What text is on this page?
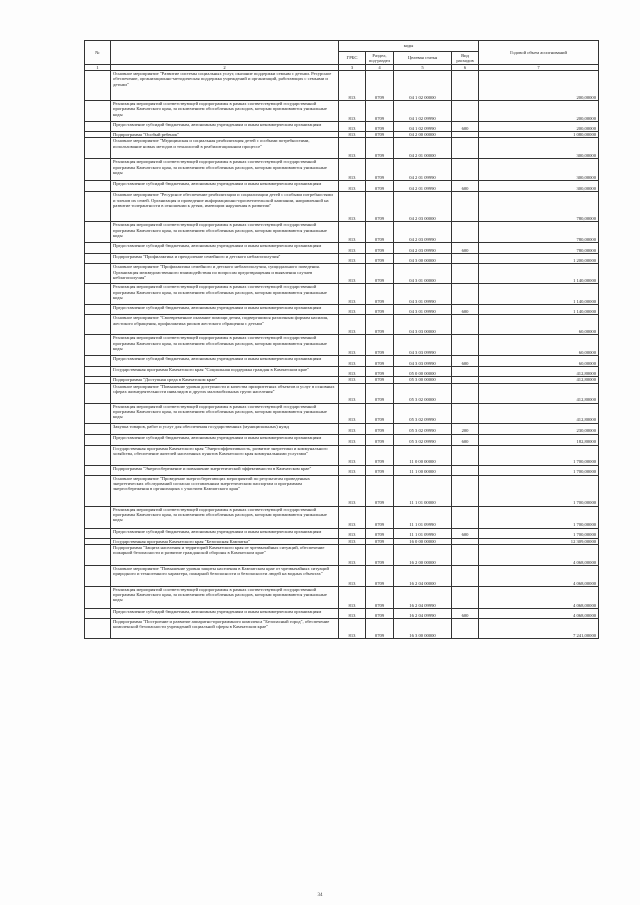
№		коды				Годовой объем ассигнований
		ГРБС	Раздел, под-раздел	Целевая статья	Вид расходов	
1	2	3	4	5	6	7
	Основное мероприятие "Развитие системы социальных услуг, оказание поддержки семьям с детьми. Ресурсное обеспечение, организационно-методическая поддержка учреждений и организаций, работающих с семьями и детьми"	813	0709	04 1 02 00000		200,00000
	Реализация мероприятий соответствующей подпрограммы в рамках соответствующей государственной программы Камчатского края, за исключением обособленных расходов, которым присваиваются уникальные коды	813	0709	04 1 02 09990		200,00000
	Предоставление субсидий бюджетным, автономным учреждениям и иным некоммерческим организациям	813	0709	04 1 02 09990	600	200,00000
	Подпрограмма "Особый ребенок"	813	0709	04 2 00 00000		1 080,00000
	Основное мероприятие "Медицинская и социальная реабилитация детей с особыми потребностями, использование новых методов и технологий в реабилитационном процессе"	813	0709	04 2 01 00000		300,00000
	Реализация мероприятий соответствующей подпрограммы в рамках соответствующей государственной программы Камчатского края, за исключением обособленных расходов, которым присваиваются уникальные коды	813	0709	04 2 01 09990		300,00000
	Предоставление субсидий бюджетным, автономным учреждениям и иным некоммерческим организациям	813	0709	04 2 01 09990	600	300,00000
	Основное мероприятие "Ресурсное обеспечение реабилитации и социализации детей с особыми потребностями и членов их семей. Организация и проведение информационно-просветительской кампании, направленной на развитие толерантности в отношении к детям, имеющим нарушения в развитии"	813	0709	04 2 03 00000		780,00000
	Реализация мероприятий соответствующей подпрограммы в рамках соответствующей государственной программы Камчатского края, за исключением обособленных расходов, которым присваиваются уникальные коды	813	0709	04 2 03 09990		780,00000
	Предоставление субсидий бюджетным, автономным учреждениям и иным некоммерческим организациям	813	0709	04 2 03 09990	600	780,00000
	Подпрограмма "Профилактика и преодоление семейного и детского неблагополучия"	813	0709	04 3 00 00000		1 200,00000
	Основное мероприятие "Профилактика семейного и детского неблагополучия, суицидального поведения. Организация межведомственного взаимодействия по вопросам предотвращения и выявления случаев неблагополучия"	813	0709	04 3 01 00000		1 140,00000
	Реализация мероприятий соответствующей подпрограммы в рамках соответствующей государственной программы Камчатского края, за исключением обособленных расходов, которым присваиваются уникальные коды	813	0709	04 3 01 09990		1 140,00000
	Предоставление субсидий бюджетным, автономным учреждениям и иным некоммерческим организациям	813	0709	04 3 01 09990	600	1 140,00000
	Основное мероприятие "Своевременное оказание помощи детям, подвергшимся различным формам насилия, жестокого обращения, профилактика рисков жестокого обращения с детьми"	813	0709	04 3 03 00000		60,00000
	Реализация мероприятий соответствующей подпрограммы в рамках соответствующей государственной программы Камчатского края, за исключением обособленных расходов, которым присваиваются уникальные коды	813	0709	04 3 03 09990		60,00000
	Предоставление субсидий бюджетным, автономным учреждениям и иным некоммерческим организациям	813	0709	04 3 03 09990	600	60,00000
	Государственная программа Камчатского края "Социальная поддержка граждан в Камчатском крае"	813	0709	05 0 00 00000		412,80000
	Подпрограмма "Доступная среда в Камчатском крае"	813	0709	05 3 00 00000		412,80000
	Основное мероприятие "Повышение уровня доступности и качества приоритетных объектов и услуг в основных сферах жизнедеятельности инвалидов и других маломобильных групп населения"	813	0709	05 3 02 00000		412,80000
	Реализация мероприятий соответствующей подпрограммы в рамках соответствующей государственной программы Камчатского края, за исключением обособленных расходов, которым присваиваются уникальные коды	813	0709	05 3 02 09990		412,80000
	Закупка товаров, работ и услуг для обеспечения государственных (муниципальных) нужд	813	0709	05 3 02 09990	200	230,00000
	Предоставление субсидий бюджетным, автономным учреждениям и иным некоммерческим организациям	813	0709	05 3 02 09990	600	182,80000
	Государственная программа Камчатского края "Энергоэффективность, развитие энергетики и коммунального хозяйства, обеспечение жителей населенных пунктов Камчатского края коммунальными услугами"	813	0709	11 0 00 00000		1 700,00000
	Подпрограмма "Энергосбережение и повышение энергетической эффективности в Камчатском крае"	813	0709	11 1 00 00000		1 700,00000
	Основное мероприятие "Проведение энергосберегающих мероприятий по результатам проведенных энергетических обследований согласно составленным энергетическим паспортам и программам энергосбережения в организациях с участием Камчатского края"	813	0709	11 1 01 00000		1 700,00000
	Реализация мероприятий соответствующей подпрограммы в рамках соответствующей государственной программы Камчатского края, за исключением обособленных расходов, которым присваиваются уникальные коды	813	0709	11 1 01 09990		1 700,00000
	Предоставление субсидий бюджетным, автономным учреждениям и иным некоммерческим организациям	813	0709	11 1 01 09990	600	1 700,00000
	Государственная программа Камчатского края "Безопасная Камчатка"	813	0709	16 0 00 00000		12 309,00000
	Подпрограмма "Защита населения и территорий Камчатского края от чрезвычайных ситуаций, обеспечение пожарной безопасности и развитие гражданской обороны в Камчатском крае"	813	0709	16 2 00 00000		4 068,00000
	Основное мероприятие "Повышение уровня защиты населения в Камчатском крае от чрезвычайных ситуаций природного и техногенного характера, пожарной безопасности и безопасности людей на водных объектах"	813	0709	16 2 04 00000		4 068,00000
	Реализация мероприятий соответствующей подпрограммы в рамках соответствующей государственной программы Камчатского края, за исключением обособленных расходов, которым присваиваются уникальные коды	813	0709	16 2 04 09990		4 068,00000
	Предоставление субсидий бюджетным, автономным учреждениям и иным некоммерческим организациям	813	0709	16 2 04 09990	600	4 068,00000
	Подпрограмма "Построение и развитие аппаратно-программного комплекса "Безопасный город", обеспечение комплексной безопасности учреждений социальной сферы в Камчатском крае"	813	0709	16 3 00 00000		7 241,00000
34
